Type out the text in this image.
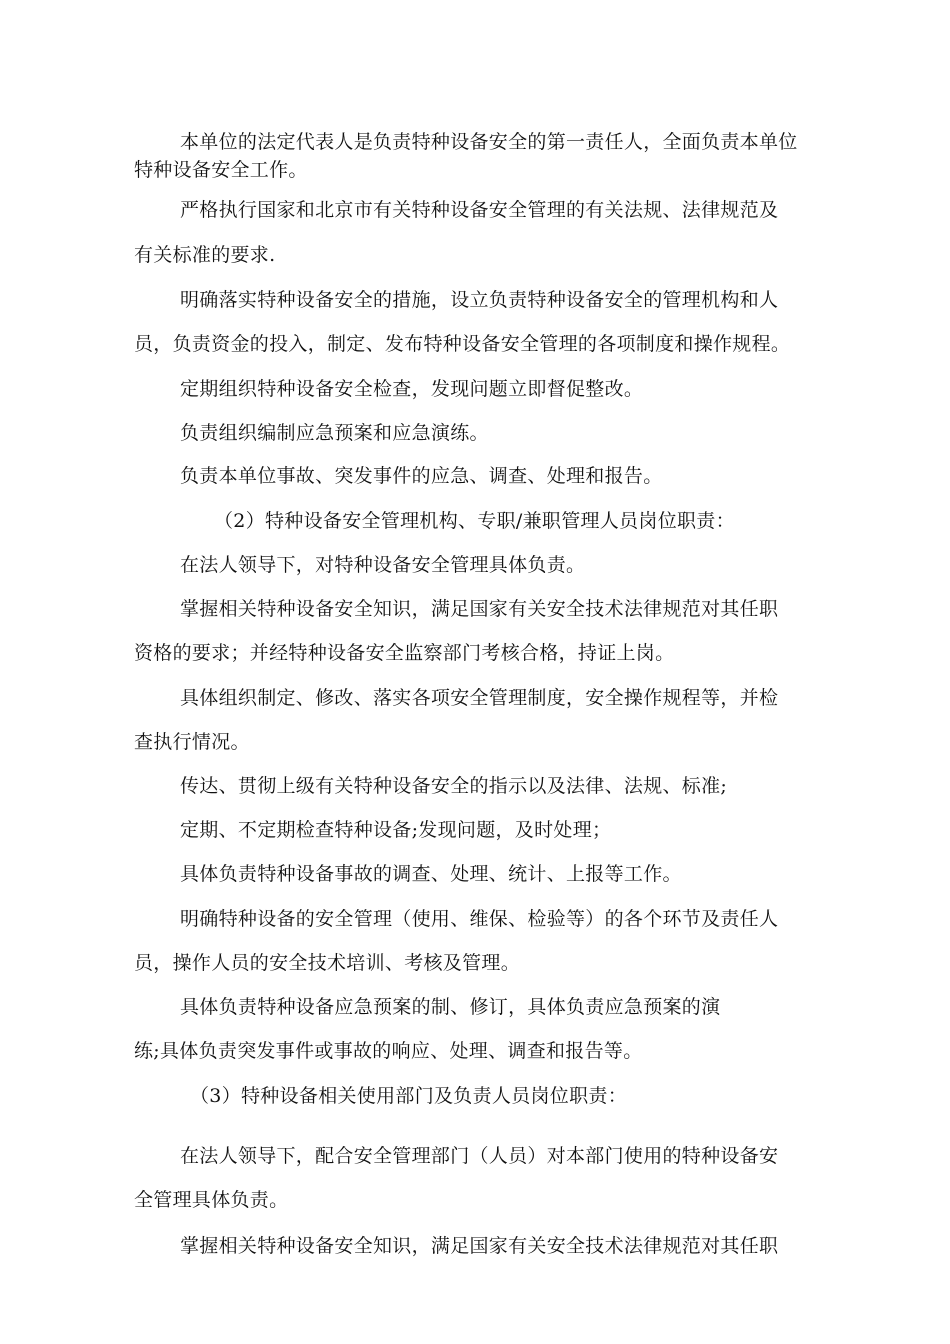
本单位的法定代表人是负责特种设备安全的第一责任人，全面负责本单位
特种设备安全工作。
严格执行国家和北京市有关特种设备安全管理的有关法规、法律规范及
有关标准的要求.
明确落实特种设备安全的措施，设立负责特种设备安全的管理机构和人
员，负责资金的投入，制定、发布特种设备安全管理的各项制度和操作规程。
定期组织特种设备安全检查，发现问题立即督促整改。
负责组织编制应急预案和应急演练。
负责本单位事故、突发事件的应急、调查、处理和报告。
（2）特种设备安全管理机构、专职/兼职管理人员岗位职责：
在法人领导下，对特种设备安全管理具体负责。
掌握相关特种设备安全知识，满足国家有关安全技术法律规范对其任职
资格的要求；并经特种设备安全监察部门考核合格，持证上岗。
具体组织制定、修改、落实各项安全管理制度，安全操作规程等，并检
查执行情况。
传达、贯彻上级有关特种设备安全的指示以及法律、法规、标准;
定期、不定期检查特种设备;发现问题，及时处理；
具体负责特种设备事故的调查、处理、统计、上报等工作。
明确特种设备的安全管理（使用、维保、检验等）的各个环节及责任人
员，操作人员的安全技术培训、考核及管理。
具体负责特种设备应急预案的制、修订，具体负责应急预案的演
练;具体负责突发事件或事故的响应、处理、调查和报告等。
（3）特种设备相关使用部门及负责人员岗位职责：
在法人领导下，配合安全管理部门（人员）对本部门使用的特种设备安
全管理具体负责。
掌握相关特种设备安全知识，满足国家有关安全技术法律规范对其任职
